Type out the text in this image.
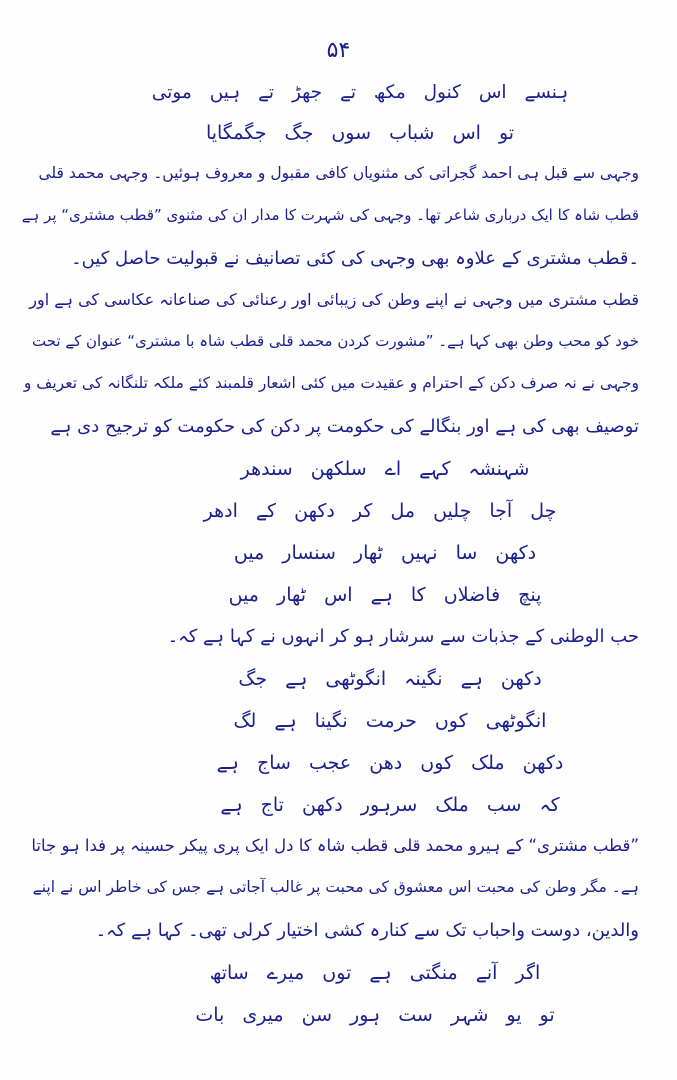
۵۴
ہنسے اس کنول مکھ تے جھڑ تے ہیں موتی
تو اس شباب سوں جگ جگمگایا
وجہی سے قبل ہی احمد گجراتی کی مثنویاں کافی مقبول و معروف ہوئیں۔ وجہی محمد قلی
قطب شاہ کا ایک درباری شاعر تھا۔ وجہی کی شہرت کا مدار ان کی مثنوی ”قطب مشتری“ پر ہے
۔قطب مشتری کے علاوہ بھی وجہی کی کئی تصانیف نے قبولیت حاصل کیں۔
قطب مشتری میں وجہی نے اپنے وطن کی زیبائی اور رعنائی کی صناعانہ عکاسی کی ہے اور
خود کو محب وطن بھی کہا ہے۔ ”مشورت کردن محمد قلی قطب شاہ با مشتری“ عنوان کے تحت
وجہی نے نہ صرف دکن کے احترام و عقیدت میں کئی اشعار قلمبند کئے ملکہ تلنگانہ کی تعریف و
توصیف بھی کی ہے اور بنگالے کی حکومت پر دکن کی حکومت کو ترجیح دی ہے
شہنشہ کہے اے سلکھن سندھر
چل آجا چلیں مل کر دکھن کے ادھر
دکھن سا نہیں ٹھار سنسار میں
پنچ فاضلاں کا ہے اس ٹھار میں
حب الوطنی کے جذبات سے سرشار ہو کر انہوں نے کہا ہے کہ۔
دکھن ہے نگینہ انگوٹھی ہے جگ
انگوٹھی کوں حرمت نگینا ہے لگ
دکھن ملک کوں دھن عجب ساج ہے
کہ سب ملک سرہور دکھن تاج ہے
”قطب مشتری“ کے ہیرو محمد قلی قطب شاہ کا دل ایک پری پیکر حسینہ پر فدا ہو جاتا
ہے۔ مگر وطن کی محبت اس معشوق کی محبت پر غالب آجاتی ہے جس کی خاطر اس نے اپنے
والدین، دوست واحباب تک سے کنارہ کشی اختیار کرلی تھی۔ کہا ہے کہ۔
اگر آنے منگتی ہے توں میرے ساتھ
تو یو شہر ست ہور سن میری بات
